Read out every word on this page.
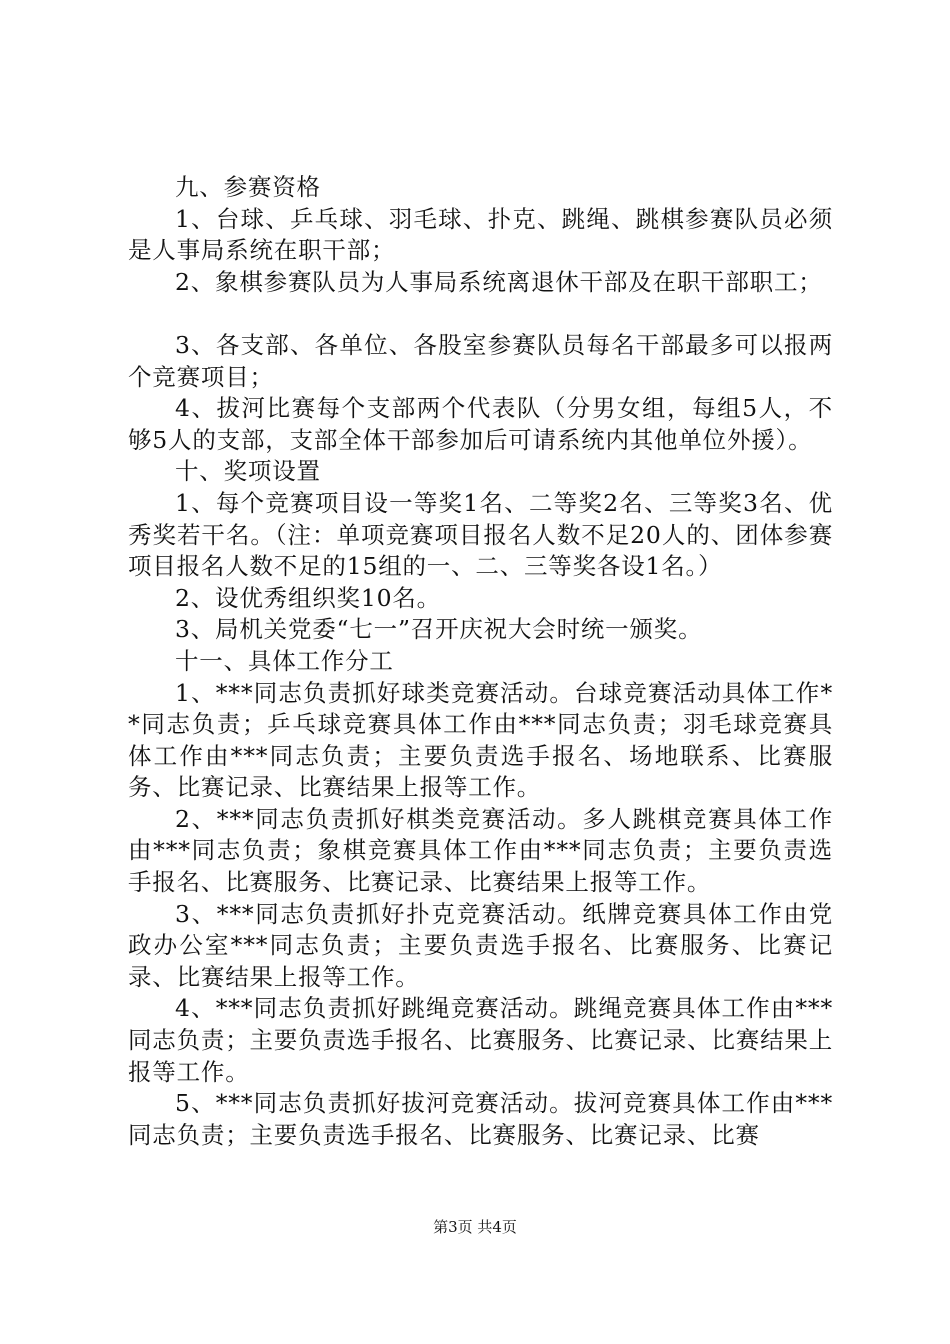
九、参赛资格

1、台球、乒乓球、羽毛球、扑克、跳绳、跳棋参赛队员必须是人事局系统在职干部；

2、象棋参赛队员为人事局系统离退休干部及在职干部职工；

3、各支部、各单位、各股室参赛队员每名干部最多可以报两个竞赛项目；

4、拔河比赛每个支部两个代表队（分男女组，每组5人，不够5人的支部，支部全体干部参加后可请系统内其他单位外援）。

十、奖项设置

1、每个竞赛项目设一等奖1名、二等奖2名、三等奖3名、优秀奖若干名。（注：单项竞赛项目报名人数不足20人的、团体参赛项目报名人数不足的15组的一、二、三等奖各设1名。）

2、设优秀组织奖10名。

3、局机关党委“七一”召开庆祝大会时统一颁奖。

十一、具体工作分工

1、***同志负责抓好球类竞赛活动。台球竞赛活动具体工作**同志负责；乒乓球竞赛具体工作由***同志负责；羽毛球竞赛具体工作由***同志负责；主要负责选手报名、场地联系、比赛服务、比赛记录、比赛结果上报等工作。

2、***同志负责抓好棋类竞赛活动。多人跳棋竞赛具体工作由***同志负责；象棋竞赛具体工作由***同志负责；主要负责选手报名、比赛服务、比赛记录、比赛结果上报等工作。

3、***同志负责抓好扑克竞赛活动。纸牌竞赛具体工作由党政办公室***同志负责；主要负责选手报名、比赛服务、比赛记录、比赛结果上报等工作。

4、***同志负责抓好跳绳竞赛活动。跳绳竞赛具体工作由***同志负责；主要负责选手报名、比赛服务、比赛记录、比赛结果上报等工作。

5、***同志负责抓好拔河竞赛活动。拔河竞赛具体工作由***同志负责；主要负责选手报名、比赛服务、比赛记录、比赛

第3页 共4页
